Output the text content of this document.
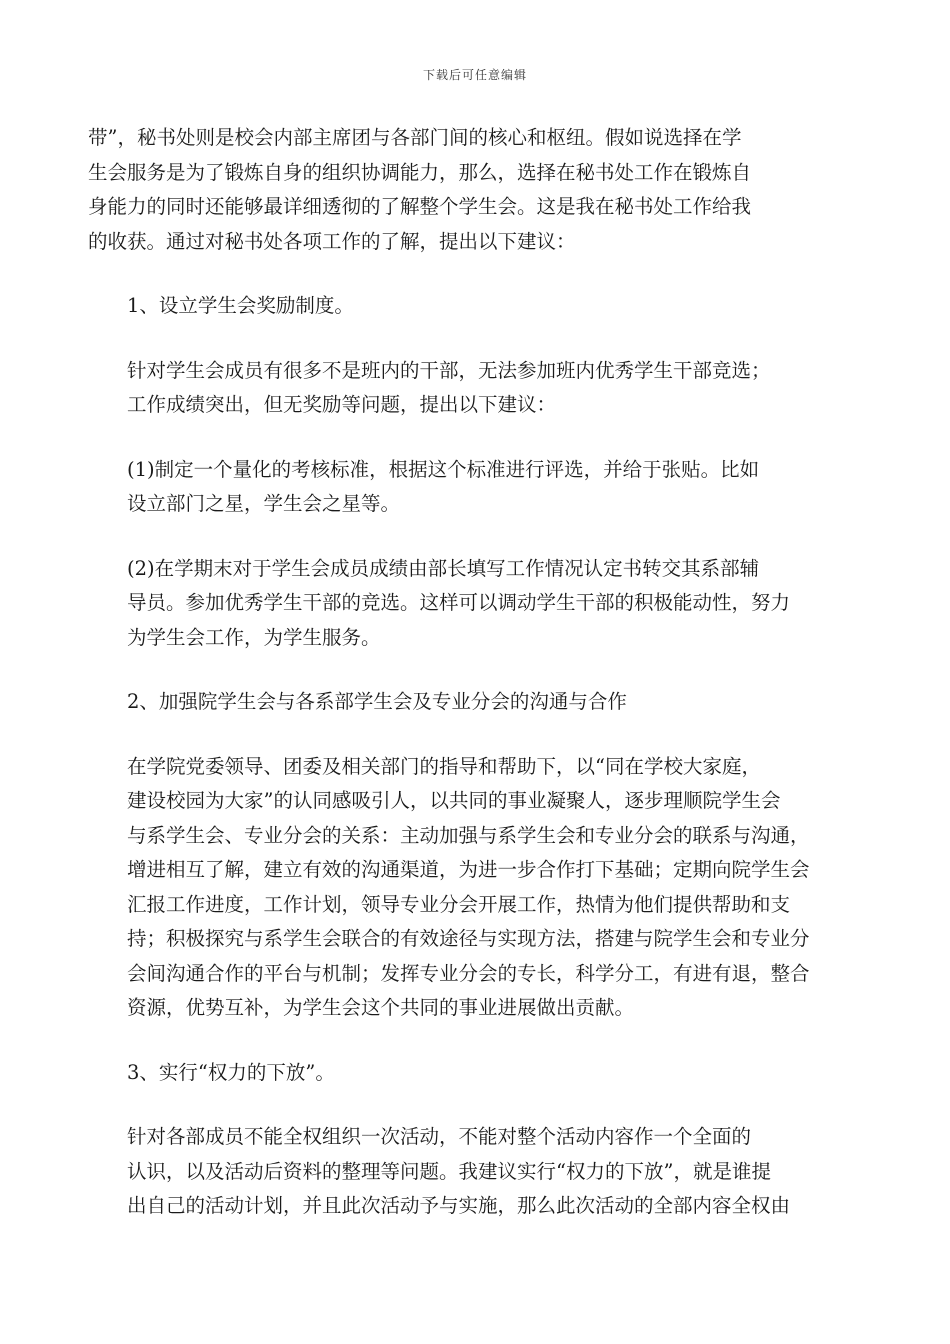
下载后可任意编辑

带”，秘书处则是校会内部主席团与各部门间的核心和枢纽。假如说选择在学
生会服务是为了锻炼自身的组织协调能力，那么，选择在秘书处工作在锻炼自
身能力的同时还能够最详细透彻的了解整个学生会。这是我在秘书处工作给我
的收获。通过对秘书处各项工作的了解，提出以下建议：

1、设立学生会奖励制度。

针对学生会成员有很多不是班内的干部，无法参加班内优秀学生干部竞选；
工作成绩突出，但无奖励等问题，提出以下建议：

(1)制定一个量化的考核标准，根据这个标准进行评选，并给于张贴。比如
设立部门之星，学生会之星等。

(2)在学期末对于学生会成员成绩由部长填写工作情况认定书转交其系部辅
导员。参加优秀学生干部的竞选。这样可以调动学生干部的积极能动性，努力
为学生会工作，为学生服务。

2、加强院学生会与各系部学生会及专业分会的沟通与合作

在学院党委领导、团委及相关部门的指导和帮助下，以“同在学校大家庭，
建设校园为大家”的认同感吸引人，以共同的事业凝聚人，逐步理顺院学生会
与系学生会、专业分会的关系：主动加强与系学生会和专业分会的联系与沟通，
增进相互了解，建立有效的沟通渠道，为进一步合作打下基础；定期向院学生会
汇报工作进度，工作计划，领导专业分会开展工作，热情为他们提供帮助和支
持；积极探究与系学生会联合的有效途径与实现方法，搭建与院学生会和专业分
会间沟通合作的平台与机制；发挥专业分会的专长，科学分工，有进有退，整合
资源，优势互补，为学生会这个共同的事业进展做出贡献。

3、实行“权力的下放”。

针对各部成员不能全权组织一次活动，不能对整个活动内容作一个全面的
认识，以及活动后资料的整理等问题。我建议实行“权力的下放”，就是谁提
出自己的活动计划，并且此次活动予与实施，那么此次活动的全部内容全权由
